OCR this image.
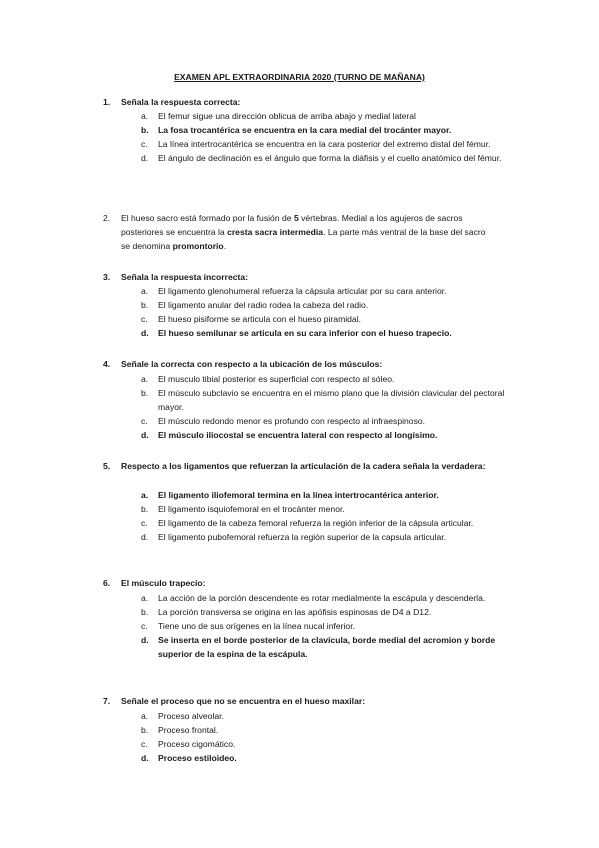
EXAMEN APL EXTRAORDINARIA 2020 (TURNO DE MAÑANA)
1.	Señala la respuesta correcta:
a.	El femur sigue una dirección oblicua de arriba abajo y medial lateral
b.	La fosa trocantérica se encuentra en la cara medial del trocánter mayor.
c.	La línea intertrocantérica se encuentra en la cara posterior del extremo distal del fémur.
d.	El ángulo de declinación es el ángulo que forma la diáfisis y el cuello anatómico del fémur.
2. El hueso sacro está formado por la fusión de 5 vértebras. Medial a los agujeros de sacros posteriores se encuentra la cresta sacra intermedia. La parte más ventral de la base del sacro se denomina promontorio.
3.	Señala la respuesta incorrecta:
a.	El ligamento glenohumeral refuerza la cápsula articular por su cara anterior.
b.	El ligamento anular del radio rodea la cabeza del radio.
c.	El hueso pisiforme se articula con el hueso piramidal.
d.	El hueso semilunar se articula en su cara inferior con el hueso trapecio.
4.	Señale la correcta con respecto a la ubicación de los músculos:
a.	El musculo tibial posterior es superficial con respecto al sóleo.
b.	El músculo subclavio se encuentra en el mismo plano que la división clavicular del pectoral mayor.
c.	El músculo redondo menor es profundo con respecto al infraespinoso.
d.	El músculo iliocostal se encuentra lateral con respecto al longísimo.
5.	Respecto a los ligamentos que refuerzan la articulación de la cadera señala la verdadera:
a.	El ligamento iliofemoral termina en la línea intertrocantérica anterior.
b.	El ligamento isquiofemoral en el trocánter menor.
c.	El ligamento de la cabeza femoral refuerza la región inferior de la cápsula articular.
d.	El ligamento pubofemoral refuerza la región superior de la capsula articular.
6.	El músculo trapecio:
a.	La acción de la porción descendente es rotar medialmente la escápula y descenderla.
b.	La porción transversa se origina en las apófisis espinosas de D4 a D12.
c.	Tiene uno de sus orígenes en la línea nucal inferior.
d.	Se inserta en el borde posterior de la clavícula, borde medial del acromion y borde superior de la espina de la escápula.
7.	Señale el proceso que no se encuentra en el hueso maxilar:
a.	Proceso alveolar.
b.	Proceso frontal.
c.	Proceso cigomático.
d.	Proceso estiloideo.
